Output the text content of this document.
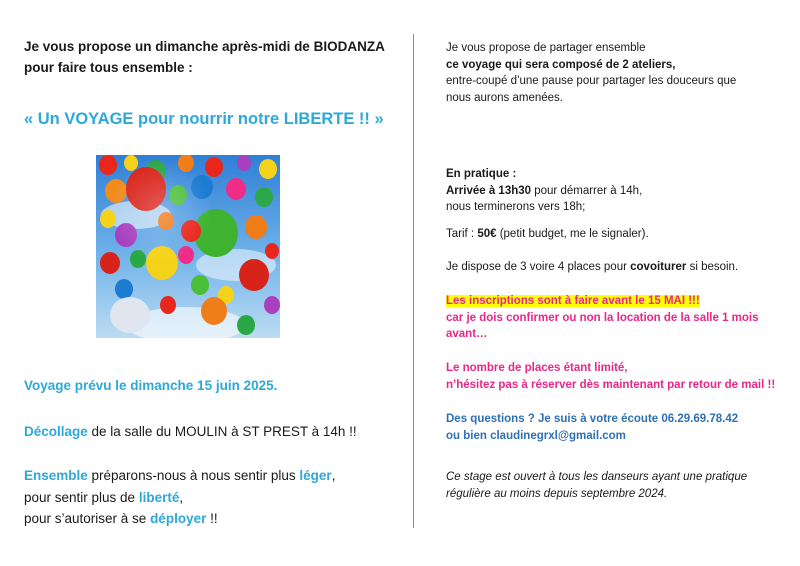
Je vous propose un dimanche après-midi de BIODANZA
pour faire tous ensemble :
« Un VOYAGE pour nourrir notre LIBERTE !! »
Voyage prévu le dimanche 15 juin 2025.
Décollage de la salle du MOULIN à ST PREST à 14h !!
Ensemble préparons-nous à nous sentir plus léger,
pour sentir plus de liberté,
pour s’autoriser à se déployer !!
Je vous propose de partager ensemble
ce voyage qui sera composé de 2 ateliers,
entre-coupé d’une pause pour partager les douceurs que
nous aurons amenées.
En pratique :
Arrivée à 13h30 pour démarrer à 14h,
nous terminerons vers 18h;
Tarif : 50€ (petit budget, me le signaler).
Je dispose de 3 voire 4 places pour covoiturer si besoin.
Les inscriptions sont à faire avant le 15 MAI !!!
car je dois confirmer ou non la location de la salle 1 mois
avant…
Le nombre de places étant limité,
n’hésitez pas à réserver dès maintenant par retour de mail !!
Des questions ? Je suis à votre écoute 06.29.69.78.42
ou bien claudinegrxl@gmail.com
Ce stage est ouvert à tous les danseurs ayant une pratique
régulière au moins depuis septembre 2024.
